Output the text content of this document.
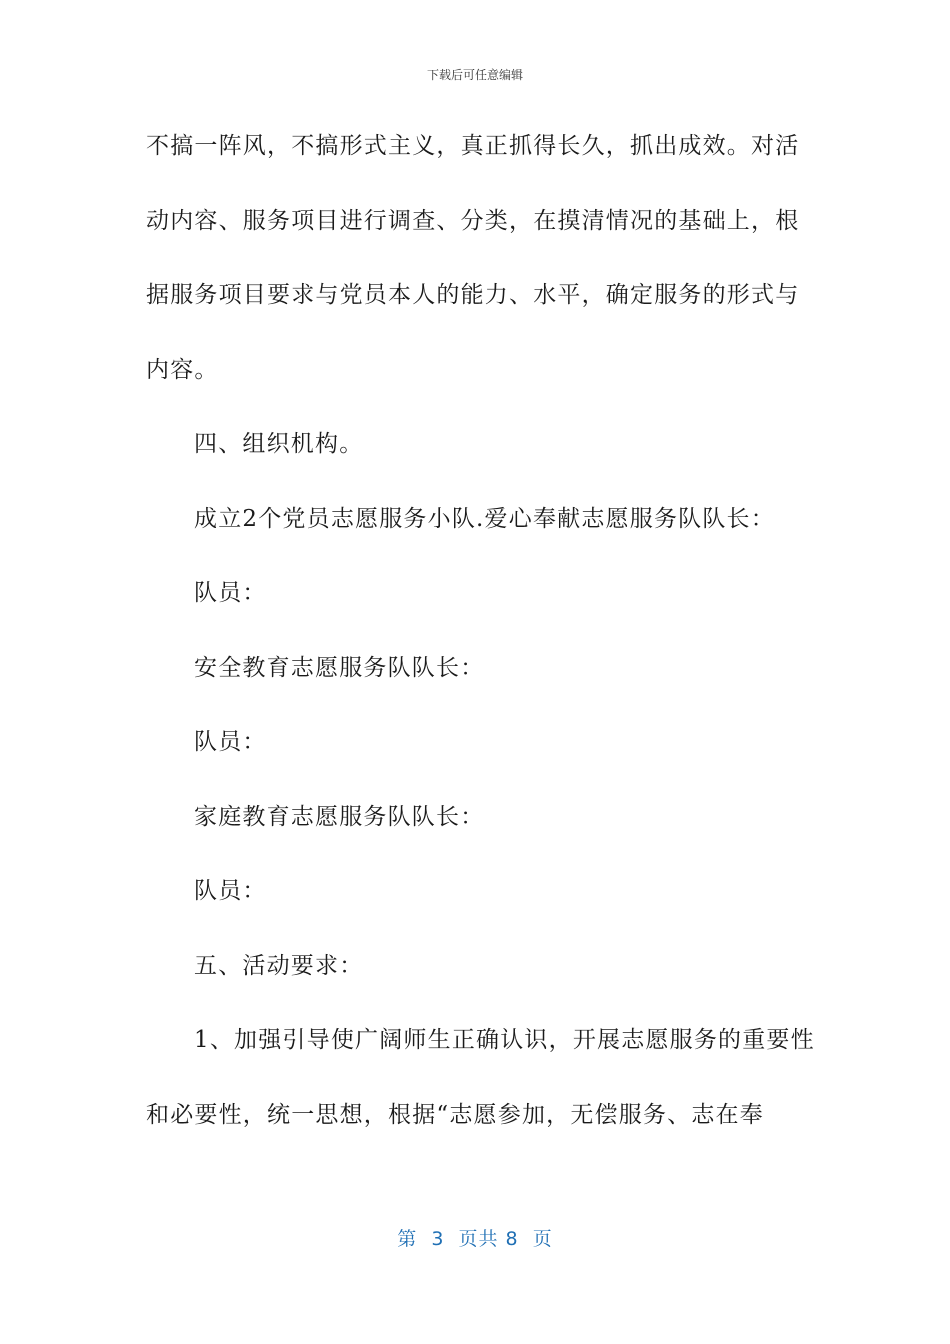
下载后可任意编辑
不搞一阵风，不搞形式主义，真正抓得长久，抓出成效。对活
动内容、服务项目进行调查、分类，在摸清情况的基础上，根
据服务项目要求与党员本人的能力、水平，确定服务的形式与
内容。
四、组织机构。
成立2个党员志愿服务小队.爱心奉献志愿服务队队长：
队员：
安全教育志愿服务队队长：
队员：
家庭教育志愿服务队队长：
队员：
五、活动要求：
1、加强引导使广阔师生正确认识，开展志愿服务的重要性
和必要性，统一思想，根据“志愿参加，无偿服务、志在奉
第  3  页共 8  页
